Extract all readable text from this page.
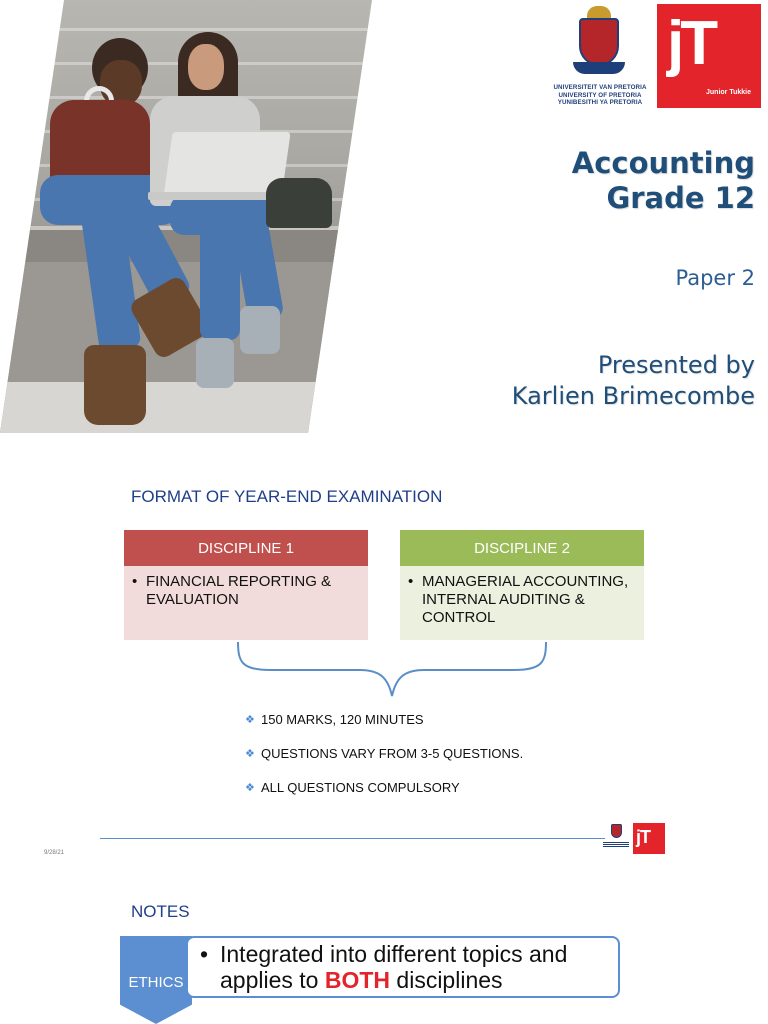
UNIVERSITEIT VAN PRETORIA
UNIVERSITY OF PRETORIA
YUNIBESITHI YA PRETORIA
jT
Junior Tukkie
Accounting
Grade 12
Paper 2
Presented by
Karlien Brimecombe
FORMAT OF YEAR-END EXAMINATION
DISCIPLINE 1
• FINANCIAL REPORTING & EVALUATION
DISCIPLINE 2
• MANAGERIAL ACCOUNTING, INTERNAL AUDITING & CONTROL
❖ 150 MARKS, 120 MINUTES
❖ QUESTIONS VARY FROM 3-5 QUESTIONS.
❖ ALL QUESTIONS COMPULSORY
9/28/21
jT
NOTES
ETHICS
• Integrated into different topics and applies to BOTH disciplines
